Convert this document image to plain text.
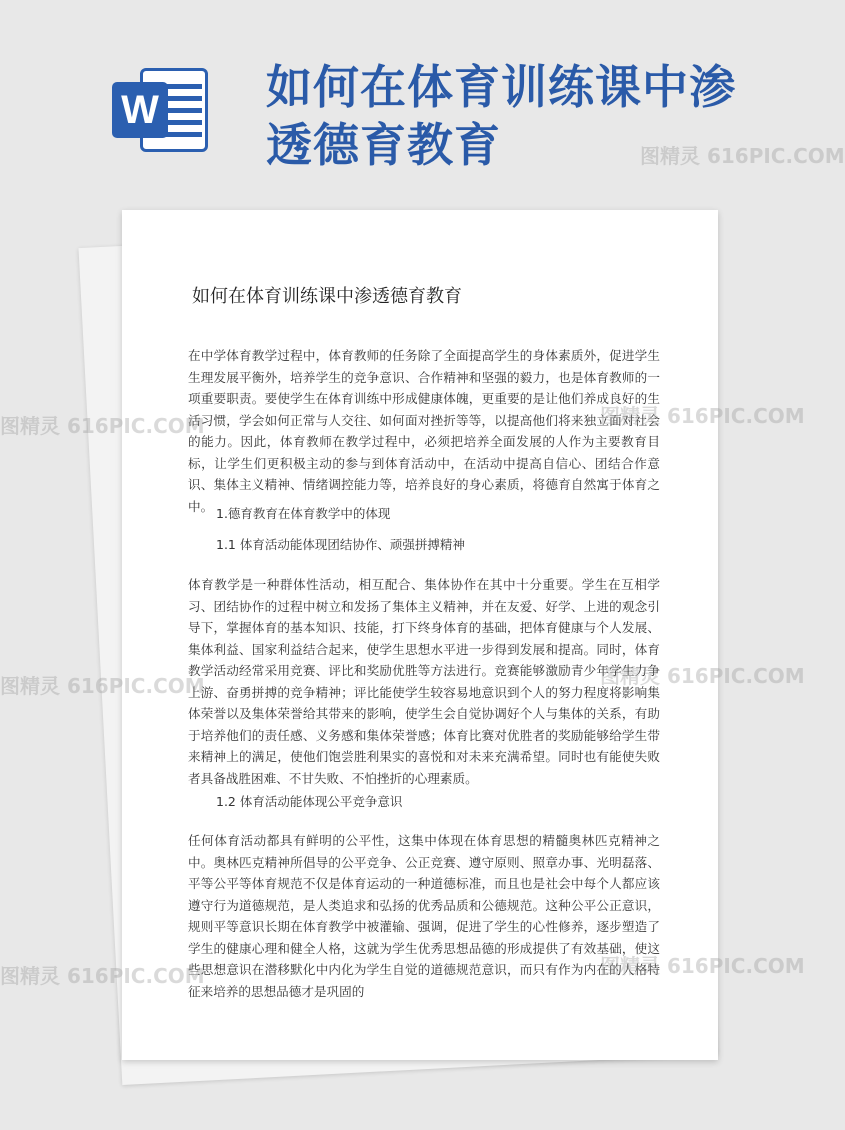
W 如何在体育训练课中渗透德育教育
如何在体育训练课中渗透德育教育

在中学体育教学过程中，体育教师的任务除了全面提高学生的身体素质外，促进学生生理发展平衡外，培养学生的竞争意识、合作精神和坚强的毅力，也是体育教师的一项重要职责。要使学生在体育训练中形成健康体魄，更重要的是让他们养成良好的生活习惯，学会如何正常与人交往、如何面对挫折等等，以提高他们将来独立面对社会的能力。因此，体育教师在教学过程中，必须把培养全面发展的人作为主要教育目标，让学生们更积极主动的参与到体育活动中，在活动中提高自信心、团结合作意识、集体主义精神、情绪调控能力等，培养良好的身心素质，将德育自然寓于体育之中。 1.德育教育在体育教学中的体现
1.1 体育活动能体现团结协作、顽强拼搏精神

体育教学是一种群体性活动，相互配合、集体协作在其中十分重要。学生在互相学习、团结协作的过程中树立和发扬了集体主义精神，并在友爱、好学、上进的观念引导下，掌握体育的基本知识、技能，打下终身体育的基础，把体育健康与个人发展、集体利益、国家利益结合起来，使学生思想水平进一步得到发展和提高。同时，体育教学活动经常采用竞赛、评比和奖励优胜等方法进行。竞赛能够激励青少年学生力争上游、奋勇拼搏的竞争精神；评比能使学生较容易地意识到个人的努力程度将影响集体荣誉以及集体荣誉给其带来的影响，使学生会自觉协调好个人与集体的关系，有助于培养他们的责任感、义务感和集体荣誉感；体育比赛对优胜者的奖励能够给学生带来精神上的满足，使他们饱尝胜利果实的喜悦和对未来充满希望。同时也有能使失败者具备战胜困难、不甘失败、不怕挫折的心理素质。

1.2 体育活动能体现公平竞争意识

任何体育活动都具有鲜明的公平性，这集中体现在体育思想的精髓奥林匹克精神之中。奥林匹克精神所倡导的公平竞争、公正竞赛、遵守原则、照章办事、光明磊落、平等公平等体育规范不仅是体育运动的一种道德标准，而且也是社会中每个人都应该遵守行为道德规范，是人类追求和弘扬的优秀品质和公德规范。这种公平公正意识，规则平等意识长期在体育教学中被灌输、强调，促进了学生的心性修养，逐步塑造了学生的健康心理和健全人格，这就为学生优秀思想品德的形成提供了有效基础，使这些思想意识在潜移默化中内化为学生自觉的道德规范意识，而只有作为内在的人格特征来培养的思想品德才是巩固的

图精灵 616PIC.COM
图精灵 616PIC.COM	图精灵 616PIC.COM
图精灵 616PIC.COM	图精灵 616PIC.COM
图精灵 616PIC.COM	图精灵 616PIC.COM
